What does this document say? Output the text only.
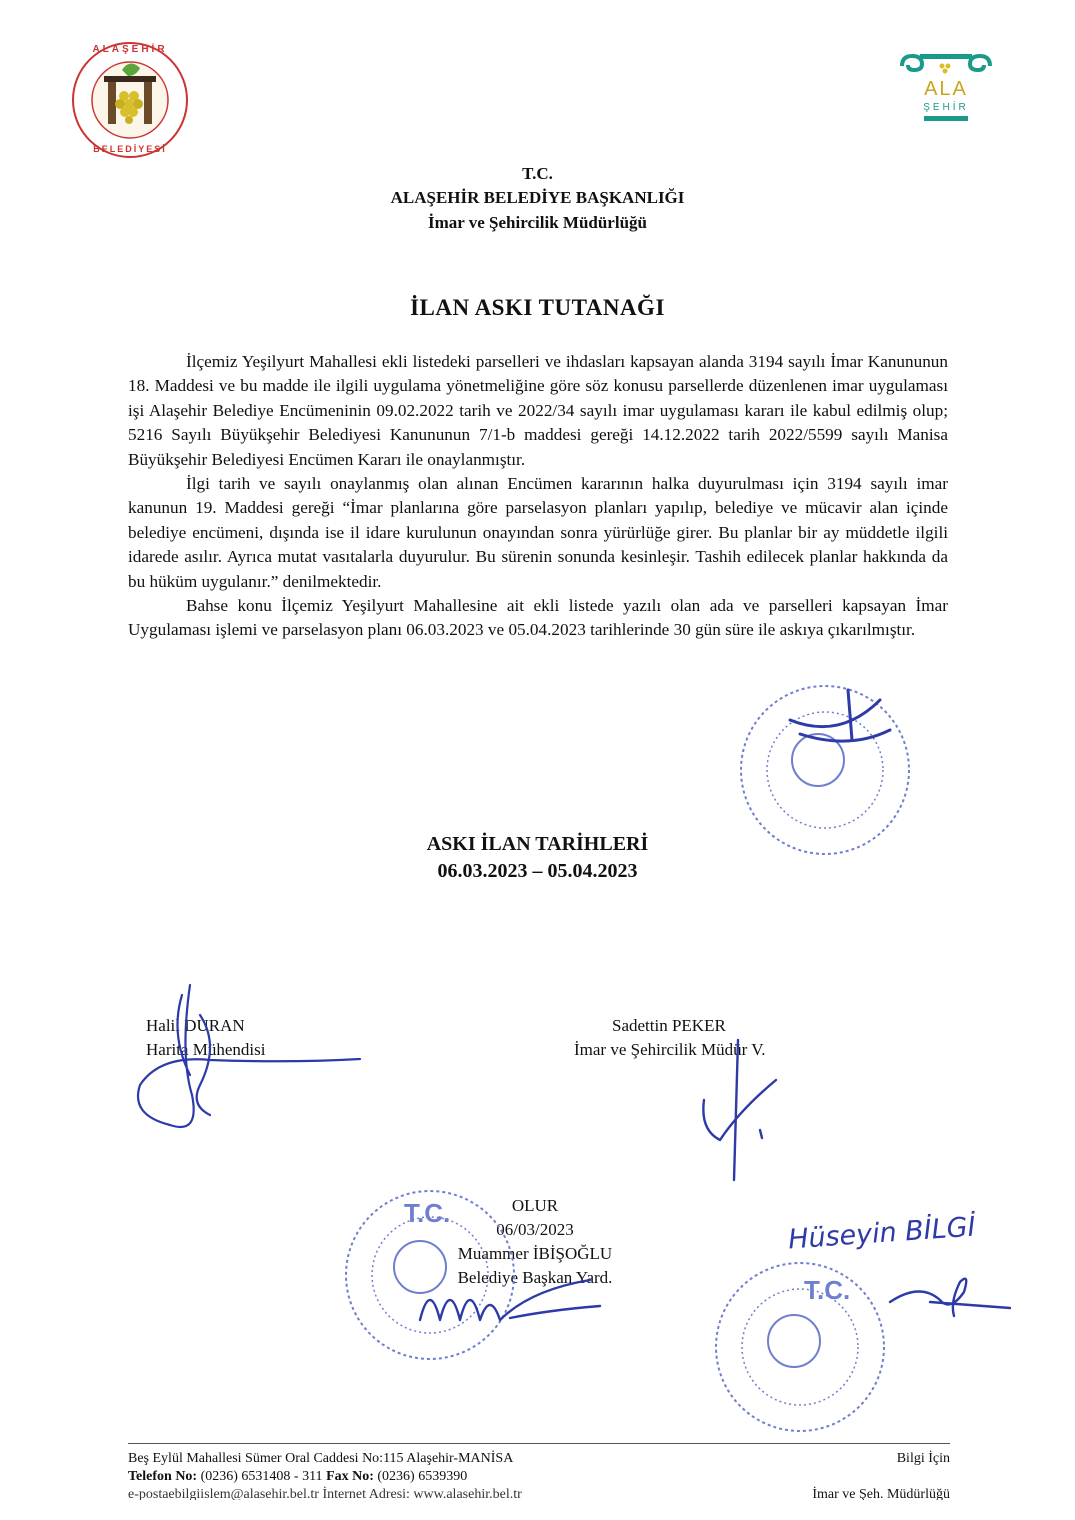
ALAŞEHİR
BELEDİYESİ
ALA
ŞEHİR
T.C.
ALAŞEHİR BELEDİYE BAŞKANLIĞI
İmar ve Şehircilik Müdürlüğü
İLAN ASKI TUTANAĞI

İlçemiz Yeşilyurt Mahallesi ekli listedeki parselleri ve ihdasları kapsayan alanda 3194 sayılı İmar Kanununun 18. Maddesi ve bu madde ile ilgili uygulama yönetmeliğine göre söz konusu parsellerde düzenlenen imar uygulaması işi Alaşehir Belediye Encümeninin 09.02.2022 tarih ve 2022/34 sayılı imar uygulaması kararı ile kabul edilmiş olup; 5216 Sayılı Büyükşehir Belediyesi Kanununun 7/1-b maddesi gereği 14.12.2022 tarih 2022/5599 sayılı Manisa Büyükşehir Belediyesi Encümen Kararı ile onaylanmıştır.

İlgi tarih ve sayılı onaylanmış olan alınan Encümen kararının halka duyurulması için 3194 sayılı imar kanunun 19. Maddesi gereği “İmar planlarına göre parselasyon planları yapılıp, belediye ve mücavir alan içinde belediye encümeni, dışında ise il idare kurulunun onayından sonra yürürlüğe girer. Bu planlar bir ay müddetle ilgili idarede asılır. Ayrıca mutat vasıtalarla duyurulur. Bu sürenin sonunda kesinleşir. Tashih edilecek planlar hakkında da bu hüküm uygulanır.” denilmektedir.

Bahse konu İlçemiz Yeşilyurt Mahallesine ait ekli listede yazılı olan ada ve parselleri kapsayan İmar Uygulaması işlemi ve parselasyon planı 06.03.2023 ve 05.04.2023 tarihlerinde 30 gün süre ile askıya çıkarılmıştır.

ASKI İLAN TARİHLERİ
06.03.2023 – 05.04.2023
Halil DURAN
Harita Mühendisi
Sadettin PEKER
İmar ve Şehircilik Müdür V.
OLUR
06/03/2023
Muammer İBİŞOĞLU
Belediye Başkan Yard.
T.C.	Hüseyin BİLGİ
T.C.
Beş Eylül Mahallesi Sümer Oral Caddesi No:115 Alaşehir-MANİSA	Bilgi İçin
Telefon No: (0236) 6531408 - 311 Fax No: (0236) 6539390
e-postaebilgiislem@alasehir.bel.tr İnternet Adresi: www.alasehir.bel.tr	İmar ve Şeh. Müdürlüğü
